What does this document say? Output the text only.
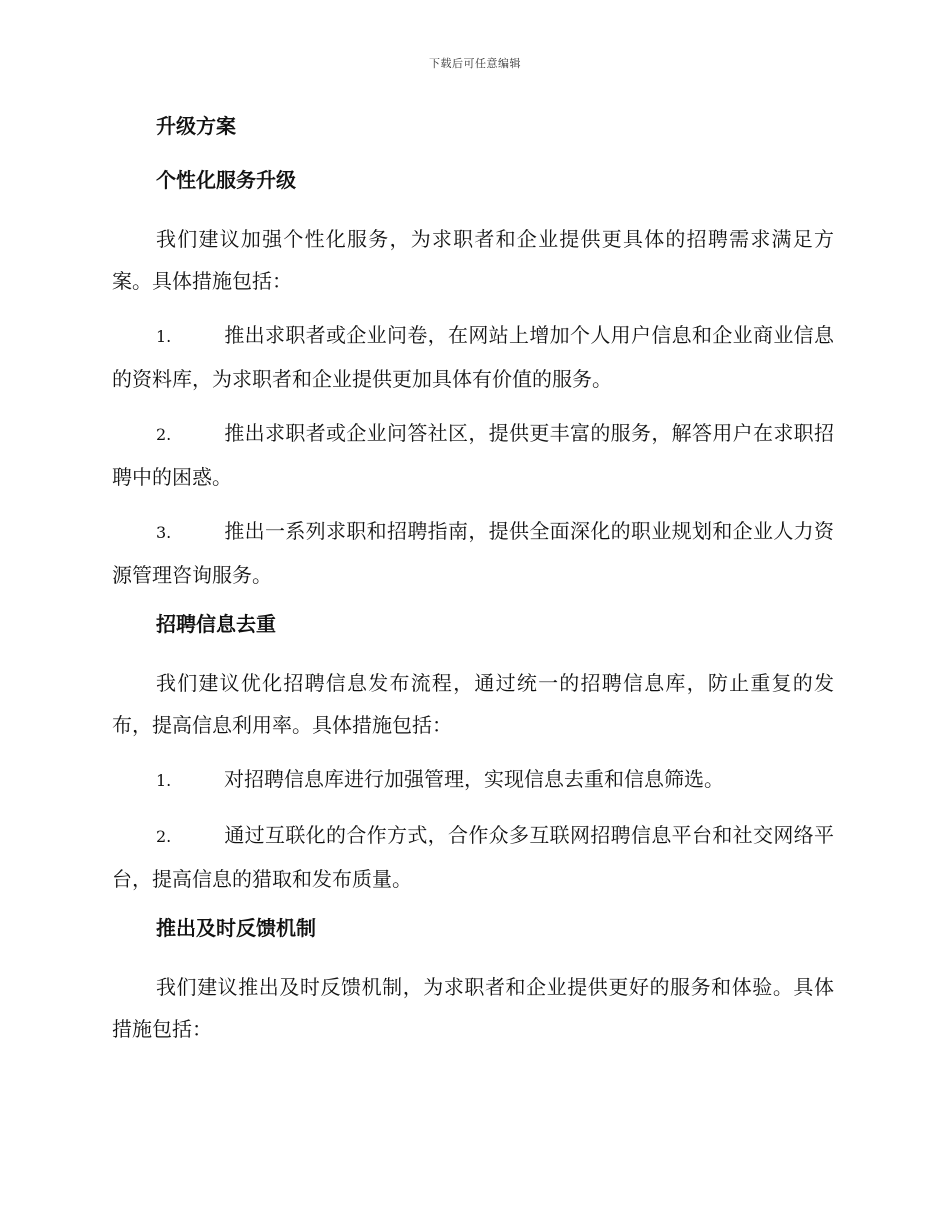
下载后可任意编辑
升级方案
个性化服务升级

我们建议加强个性化服务，为求职者和企业提供更具体的招聘需求满足方案。具体措施包括：

1.	推出求职者或企业问卷，在网站上增加个人用户信息和企业商业信息的资料库，为求职者和企业提供更加具体有价值的服务。

2.	推出求职者或企业问答社区，提供更丰富的服务，解答用户在求职招聘中的困惑。

3.	推出一系列求职和招聘指南，提供全面深化的职业规划和企业人力资源管理咨询服务。

招聘信息去重

我们建议优化招聘信息发布流程，通过统一的招聘信息库，防止重复的发布，提高信息利用率。具体措施包括：

1.	对招聘信息库进行加强管理，实现信息去重和信息筛选。

2.	通过互联化的合作方式，合作众多互联网招聘信息平台和社交网络平台，提高信息的猎取和发布质量。

推出及时反馈机制

我们建议推出及时反馈机制，为求职者和企业提供更好的服务和体验。具体措施包括：
